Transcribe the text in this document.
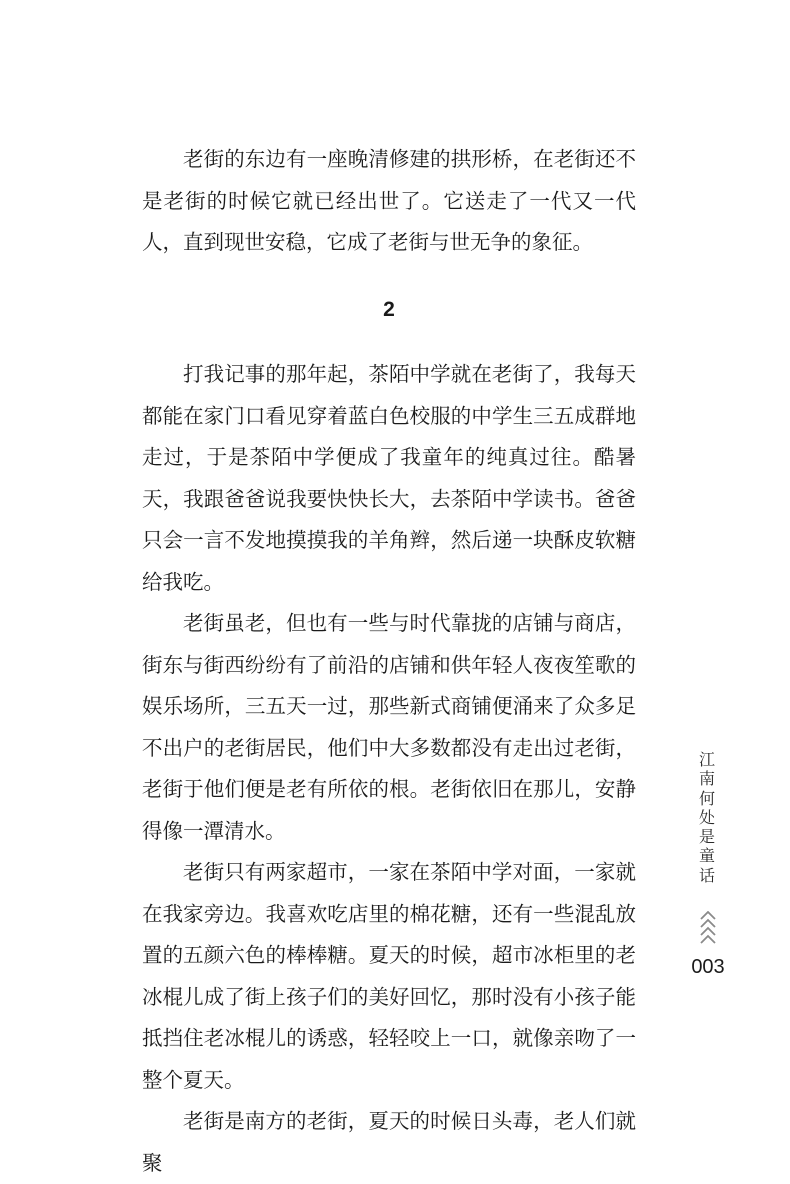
老街的东边有一座晚清修建的拱形桥，在老街还不是老街的时候它就已经出世了。它送走了一代又一代人，直到现世安稳，它成了老街与世无争的象征。

2

打我记事的那年起，茶陌中学就在老街了，我每天都能在家门口看见穿着蓝白色校服的中学生三五成群地走过，于是茶陌中学便成了我童年的纯真过往。酷暑天，我跟爸爸说我要快快长大，去茶陌中学读书。爸爸只会一言不发地摸摸我的羊角辫，然后递一块酥皮软糖给我吃。

老街虽老，但也有一些与时代靠拢的店铺与商店，街东与街西纷纷有了前沿的店铺和供年轻人夜夜笙歌的娱乐场所，三五天一过，那些新式商铺便涌来了众多足不出户的老街居民，他们中大多数都没有走出过老街，老街于他们便是老有所依的根。老街依旧在那儿，安静得像一潭清水。

老街只有两家超市，一家在茶陌中学对面，一家就在我家旁边。我喜欢吃店里的棉花糖，还有一些混乱放置的五颜六色的棒棒糖。夏天的时候，超市冰柜里的老冰棍儿成了街上孩子们的美好回忆，那时没有小孩子能抵挡住老冰棍儿的诱惑，轻轻咬上一口，就像亲吻了一整个夏天。

老街是南方的老街，夏天的时候日头毒，老人们就聚

江南何处是童话
003
